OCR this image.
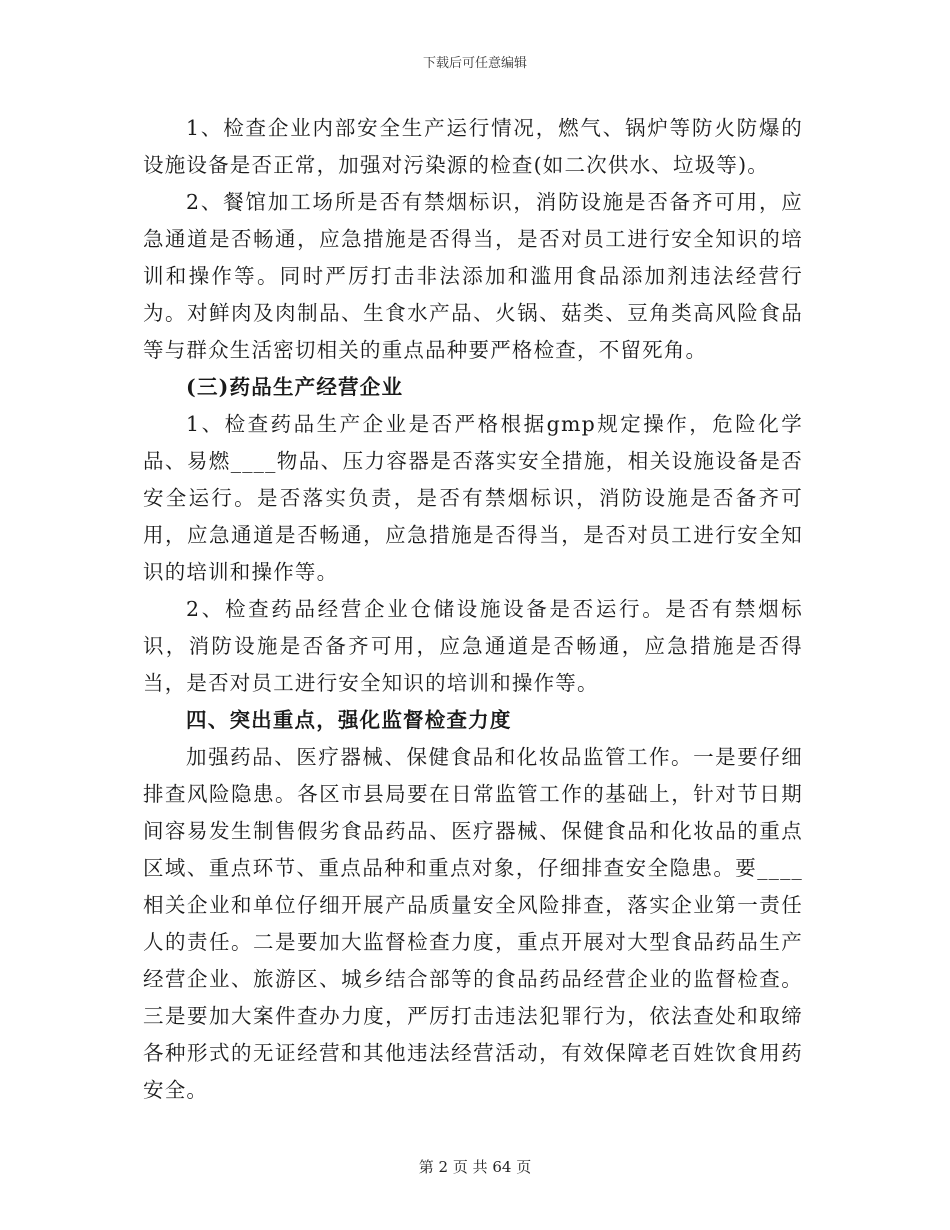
下载后可任意编辑

1、检查企业内部安全生产运行情况，燃气、锅炉等防火防爆的设施设备是否正常，加强对污染源的检查(如二次供水、垃圾等)。

2、餐馆加工场所是否有禁烟标识，消防设施是否备齐可用，应急通道是否畅通，应急措施是否得当，是否对员工进行安全知识的培训和操作等。同时严厉打击非法添加和滥用食品添加剂违法经营行为。对鲜肉及肉制品、生食水产品、火锅、菇类、豆角类高风险食品等与群众生活密切相关的重点品种要严格检查，不留死角。

(三)药品生产经营企业

1、检查药品生产企业是否严格根据gmp规定操作，危险化学品、易燃____物品、压力容器是否落实安全措施，相关设施设备是否安全运行。是否落实负责，是否有禁烟标识，消防设施是否备齐可用，应急通道是否畅通，应急措施是否得当，是否对员工进行安全知识的培训和操作等。

2、检查药品经营企业仓储设施设备是否运行。是否有禁烟标识，消防设施是否备齐可用，应急通道是否畅通，应急措施是否得当，是否对员工进行安全知识的培训和操作等。

四、突出重点，强化监督检查力度

加强药品、医疗器械、保健食品和化妆品监管工作。一是要仔细排查风险隐患。各区市县局要在日常监管工作的基础上，针对节日期间容易发生制售假劣食品药品、医疗器械、保健食品和化妆品的重点区域、重点环节、重点品种和重点对象，仔细排查安全隐患。要____相关企业和单位仔细开展产品质量安全风险排查，落实企业第一责任人的责任。二是要加大监督检查力度，重点开展对大型食品药品生产经营企业、旅游区、城乡结合部等的食品药品经营企业的监督检查。三是要加大案件查办力度，严厉打击违法犯罪行为，依法查处和取缔各种形式的无证经营和其他违法经营活动，有效保障老百姓饮食用药安全。

第 2 页 共 64 页
